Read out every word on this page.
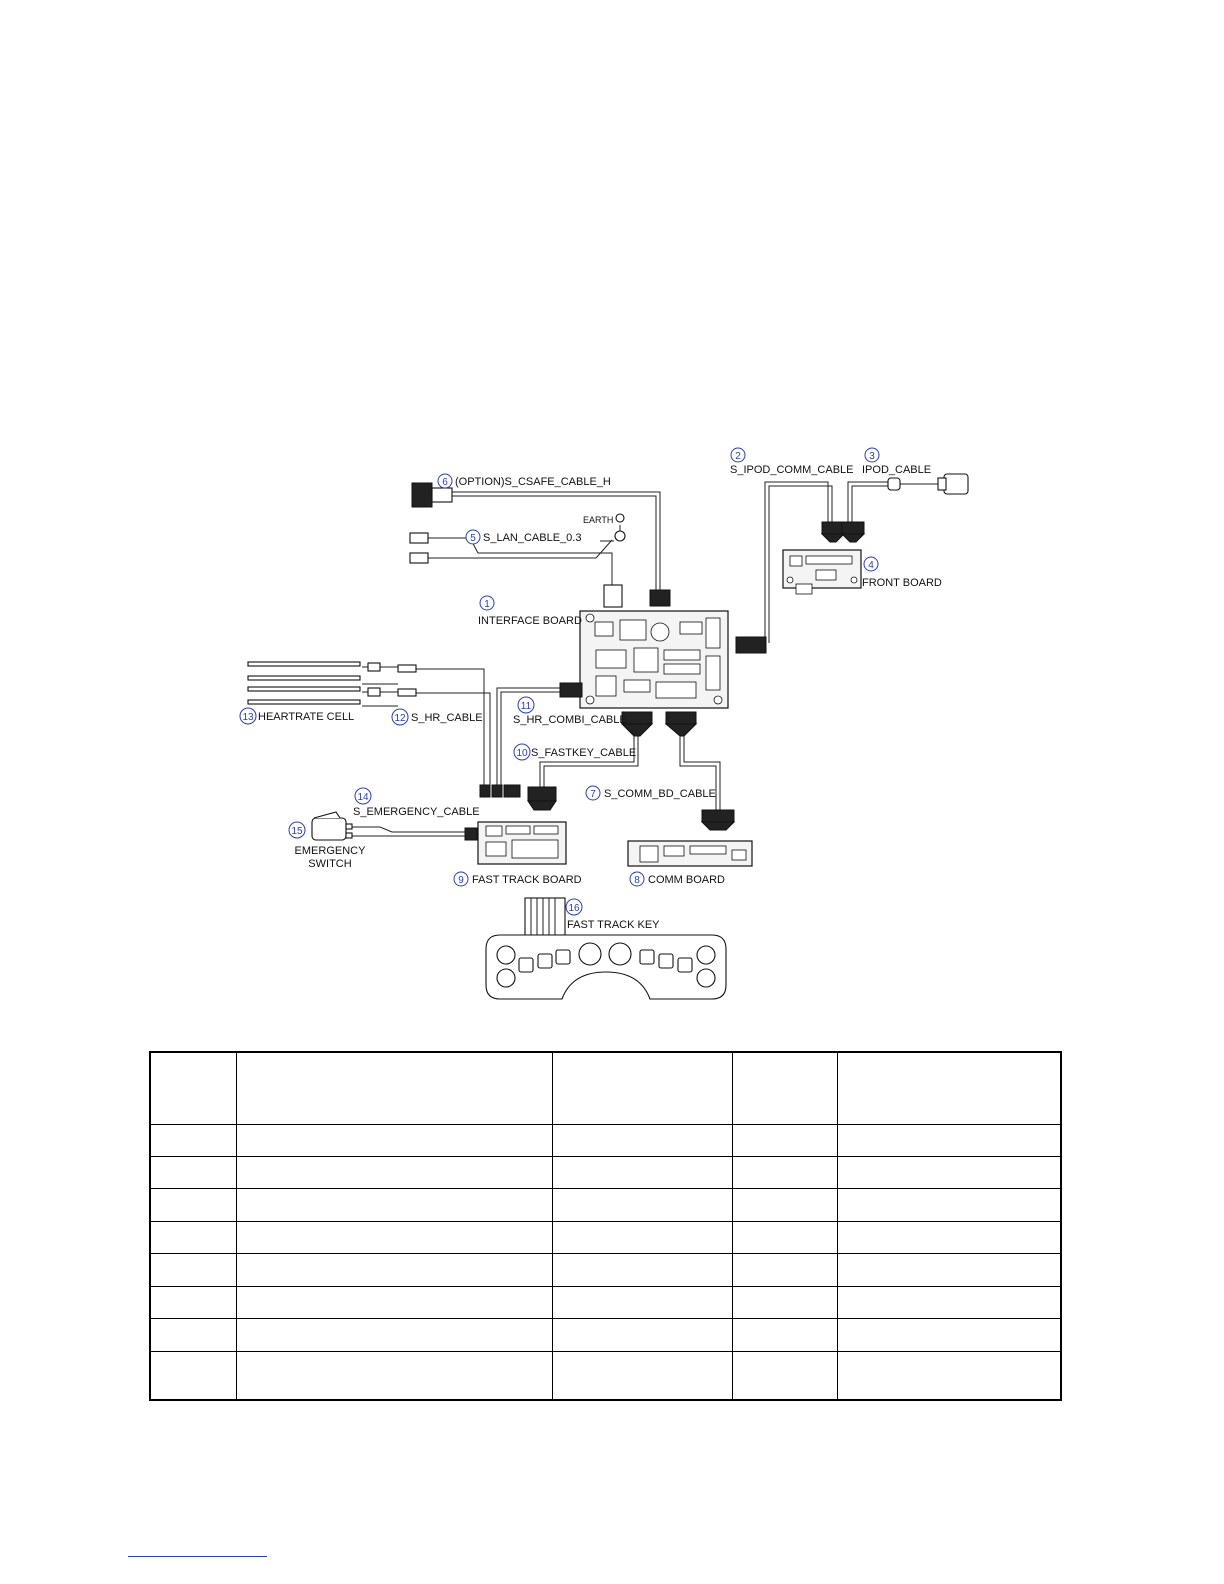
1
2	3
4
5
6
7
8
9
10
11
12
13
14
15
16
INTERFACE BOARD
S_IPOD_COMM_CABLE IPOD_CABLE
FRONT BOARD
S_LAN_CABLE_0.3
(OPTION)S_CSAFE_CABLE_H
S_COMM_BD_CABLE
COMM BOARD
FAST TRACK BOARD
S_FASTKEY_CABLE
S_HR_COMBI_CABLE
S_HR_CABLE
HEARTRATE CELL
S_EMERGENCY_CABLE
EMERGENCY
SWITCH
FAST TRACK KEY
EARTH
